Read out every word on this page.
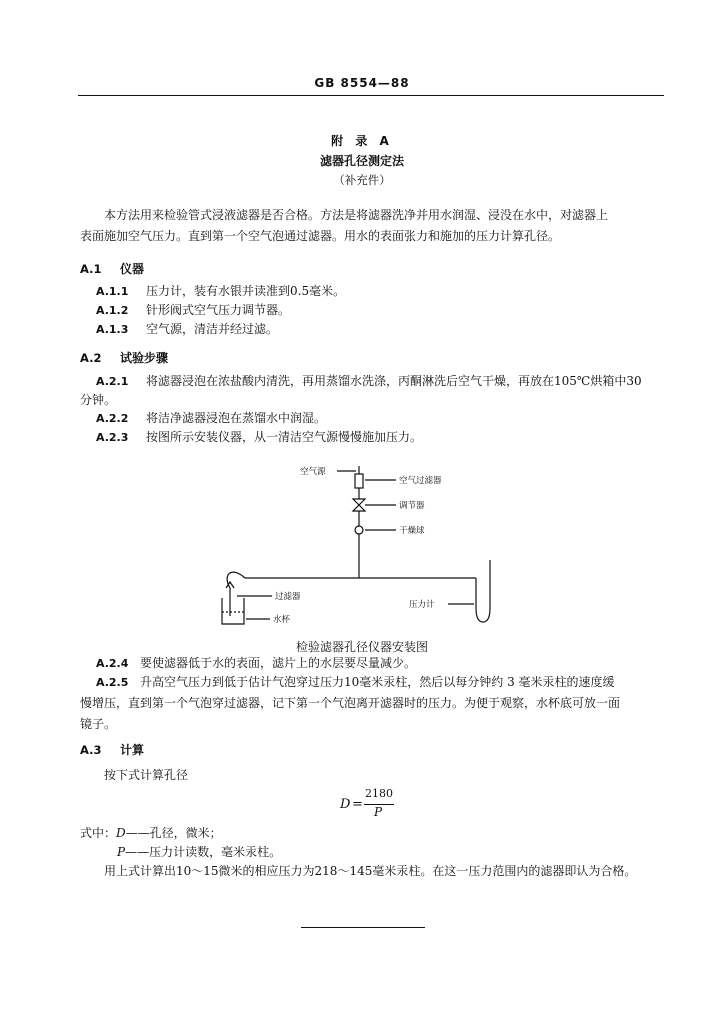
GB 8554—88
附 录 A
滤器孔径测定法
（补充件）
本方法用来检验管式浸液滤器是否合格。方法是将滤器洗净并用水润湿、浸没在水中，对滤器上
表面施加空气压力。直到第一个空气泡通过滤器。用水的表面张力和施加的压力计算孔径。
A.1 仪器
A.1.1 压力计，装有水银并读准到0.5毫米。
A.1.2 针形阀式空气压力调节器。
A.1.3 空气源，清洁并经过滤。
A.2 试验步骤
A.2.1 将滤器浸泡在浓盐酸内清洗，再用蒸馏水洗涤，丙酮淋洗后空气干燥，再放在105℃烘箱中30
分钟。
A.2.2 将洁净滤器浸泡在蒸馏水中润湿。
A.2.3 按图所示安装仪器，从一清洁空气源慢慢施加压力。
空气源
空气过滤器
调节器
干燥球
过滤器
压力计
水杯
检验滤器孔径仪器安装图
A.2.4 要使滤器低于水的表面，滤片上的水层要尽量减少。
A.2.5 升高空气压力到低于估计气泡穿过压力10毫米汞柱，然后以每分钟约 3 毫米汞柱的速度缓
慢增压，直到第一个气泡穿过滤器，记下第一个气泡离开滤器时的压力。为便于观察，水杯底可放一面
镜子。
A.3 计算
按下式计算孔径
D =
2180
P
式中：D——孔径，微米；
P——压力计读数，毫米汞柱。
用上式计算出10～15微米的相应压力为218～145毫米汞柱。在这一压力范围内的滤器即认为合格。
